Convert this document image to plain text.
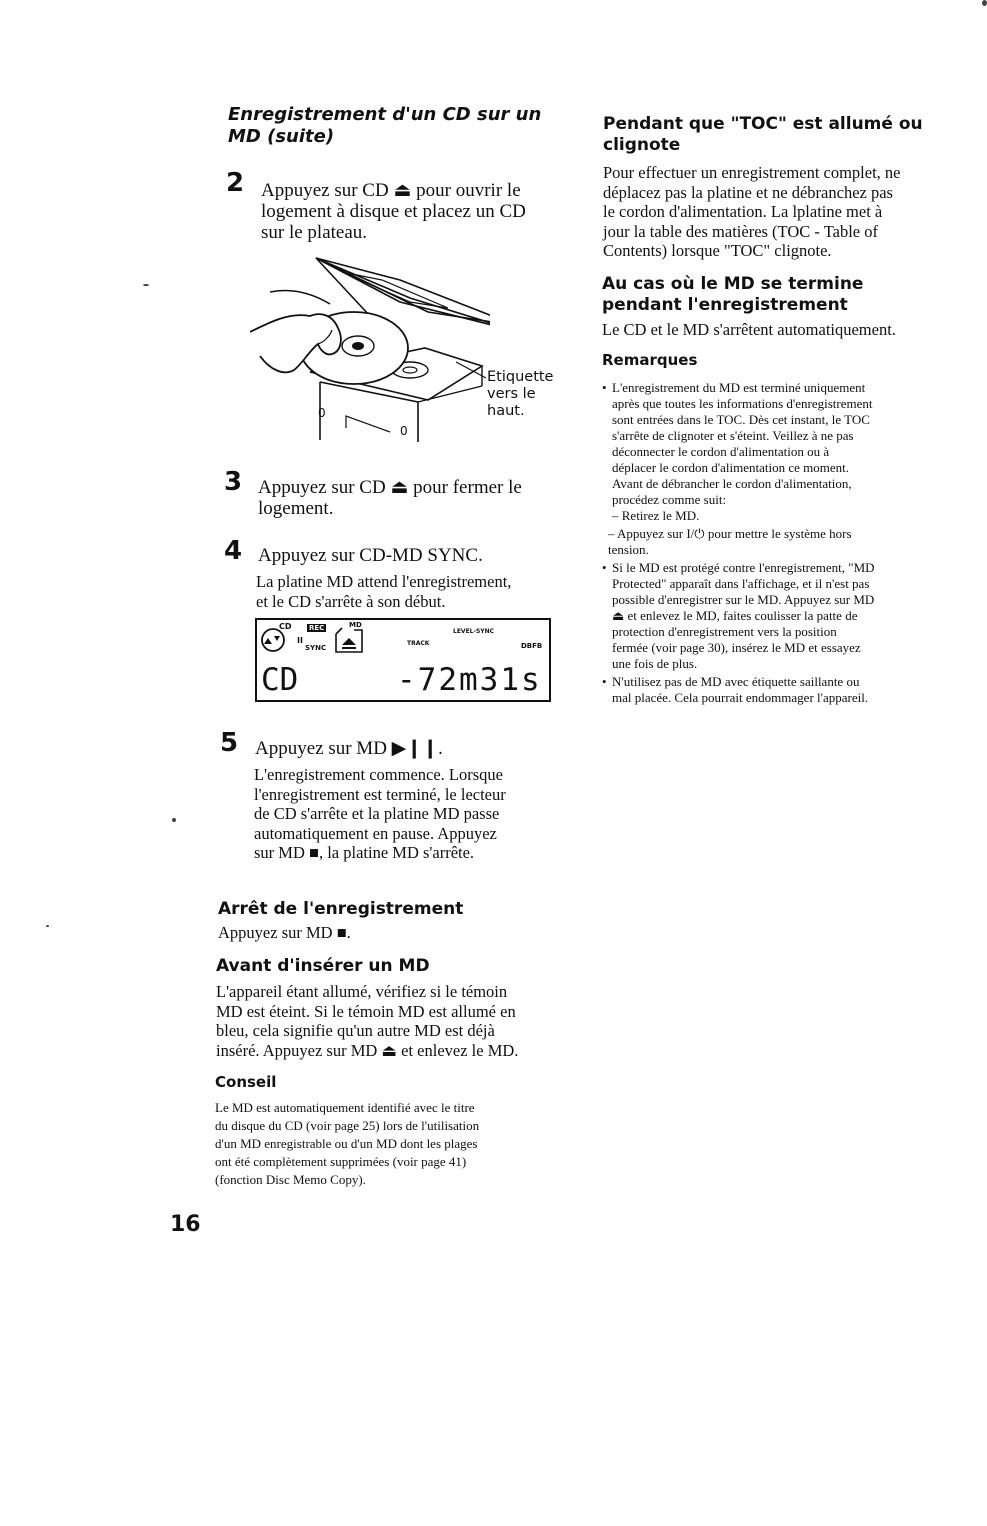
Enregistrement d'un CD sur un MD (suite)
2 Appuyez sur CD ⏏ pour ouvrir le
logement à disque et placez un CD
sur le plateau.
0
0
Etiquette
vers le
haut.
3 Appuyez sur CD ⏏ pour fermer le
logement.
4 Appuyez sur CD-MD SYNC.
La platine MD attend l'enregistrement,
et le CD s'arrête à son début.
CD REC
II
SYNC
MD
TRACK
LEVEL-SYNC
DBFB
CD	-72m31s
5 Appuyez sur MD ▶❙❙.
L'enregistrement commence. Lorsque
l'enregistrement est terminé, le lecteur
de CD s'arrête et la platine MD passe
automatiquement en pause. Appuyez
sur MD ■, la platine MD s'arrête.
Arrêt de l'enregistrement
Appuyez sur MD ■.
Avant d'insérer un MD
L'appareil étant allumé, vérifiez si le témoin
MD est éteint. Si le témoin MD est allumé en
bleu, cela signifie qu'un autre MD est déjà
inséré. Appuyez sur MD ⏏ et enlevez le MD.
Conseil
Le MD est automatiquement identifié avec le titre
du disque du CD (voir page 25) lors de l'utilisation
d'un MD enregistrable ou d'un MD dont les plages
ont été complètement supprimées (voir page 41)
(fonction Disc Memo Copy).
16
Pendant que "TOC" est allumé ou
clignote
Pour effectuer un enregistrement complet, ne
déplacez pas la platine et ne débranchez pas
le cordon d'alimentation. La lplatine met à
jour la table des matières (TOC - Table of
Contents) lorsque "TOC" clignote.
Au cas où le MD se termine
pendant l'enregistrement
Le CD et le MD s'arrêtent automatiquement.
Remarques
• L'enregistrement du MD est terminé uniquement
après que toutes les informations d'enregistrement
sont entrées dans le TOC. Dès cet instant, le TOC
s'arrête de clignoter et s'éteint. Veillez à ne pas
déconnecter le cordon d'alimentation ou à
déplacer le cordon d'alimentation ce moment.
Avant de débrancher le cordon d'alimentation,
procédez comme suit:
– Retirez le MD.
– Appuyez sur I/⏻ pour mettre le système hors
tension.
• Si le MD est protégé contre l'enregistrement, "MD
Protected" apparaît dans l'affichage, et il n'est pas
possible d'enregistrer sur le MD. Appuyez sur MD
⏏ et enlevez le MD, faites coulisser la patte de
protection d'enregistrement vers la position
fermée (voir page 30), insérez le MD et essayez
une fois de plus.
• N'utilisez pas de MD avec étiquette saillante ou
mal placée. Cela pourrait endommager l'appareil.
